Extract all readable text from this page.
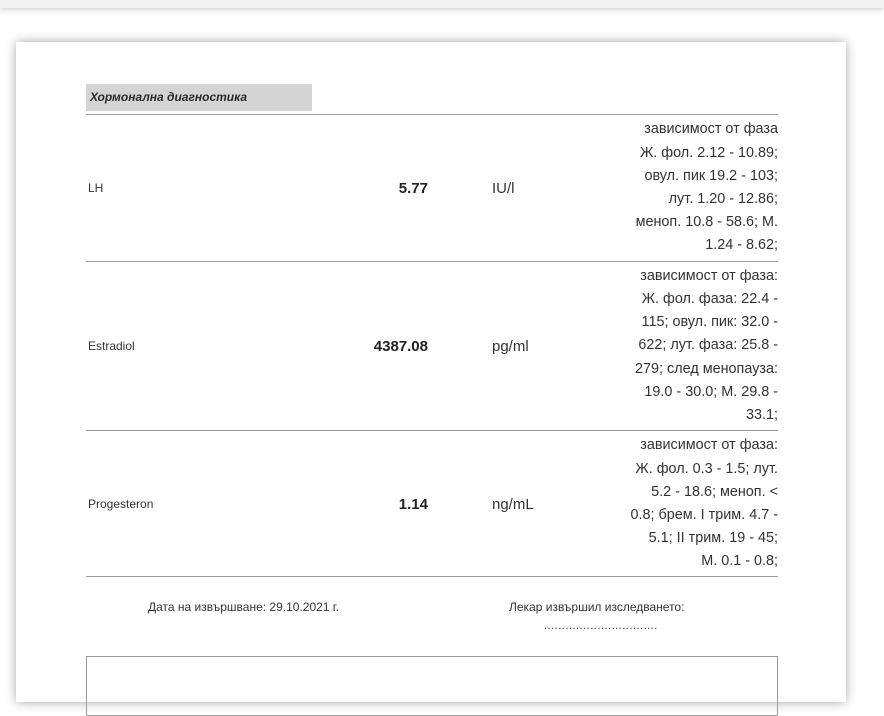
Хормонална диагностика
LH	5.77	IU/l
зависимост от фаза
Ж. фол. 2.12 - 10.89;
овул. пик 19.2 - 103;
лут. 1.20 - 12.86;
меноп. 10.8 - 58.6; М.
1.24 - 8.62;
Estradiol	4387.08	pg/ml
зависимост от фаза:
Ж. фол. фаза: 22.4 -
115; овул. пик: 32.0 -
622; лут. фаза: 25.8 -
279; след менопауза:
19.0 - 30.0; М. 29.8 -
33.1;
Progesteron	1.14	ng/mL
зависимост от фаза:
Ж. фол. 0.3 - 1.5; лут.
5.2 - 18.6; меноп. <
0.8; брем. I трим. 4.7 -
5.1; II трим. 19 - 45;
М. 0.1 - 0.8;
Дата на извършване: 29.10.2021 г.	Лекар извършил изследването:
................................
